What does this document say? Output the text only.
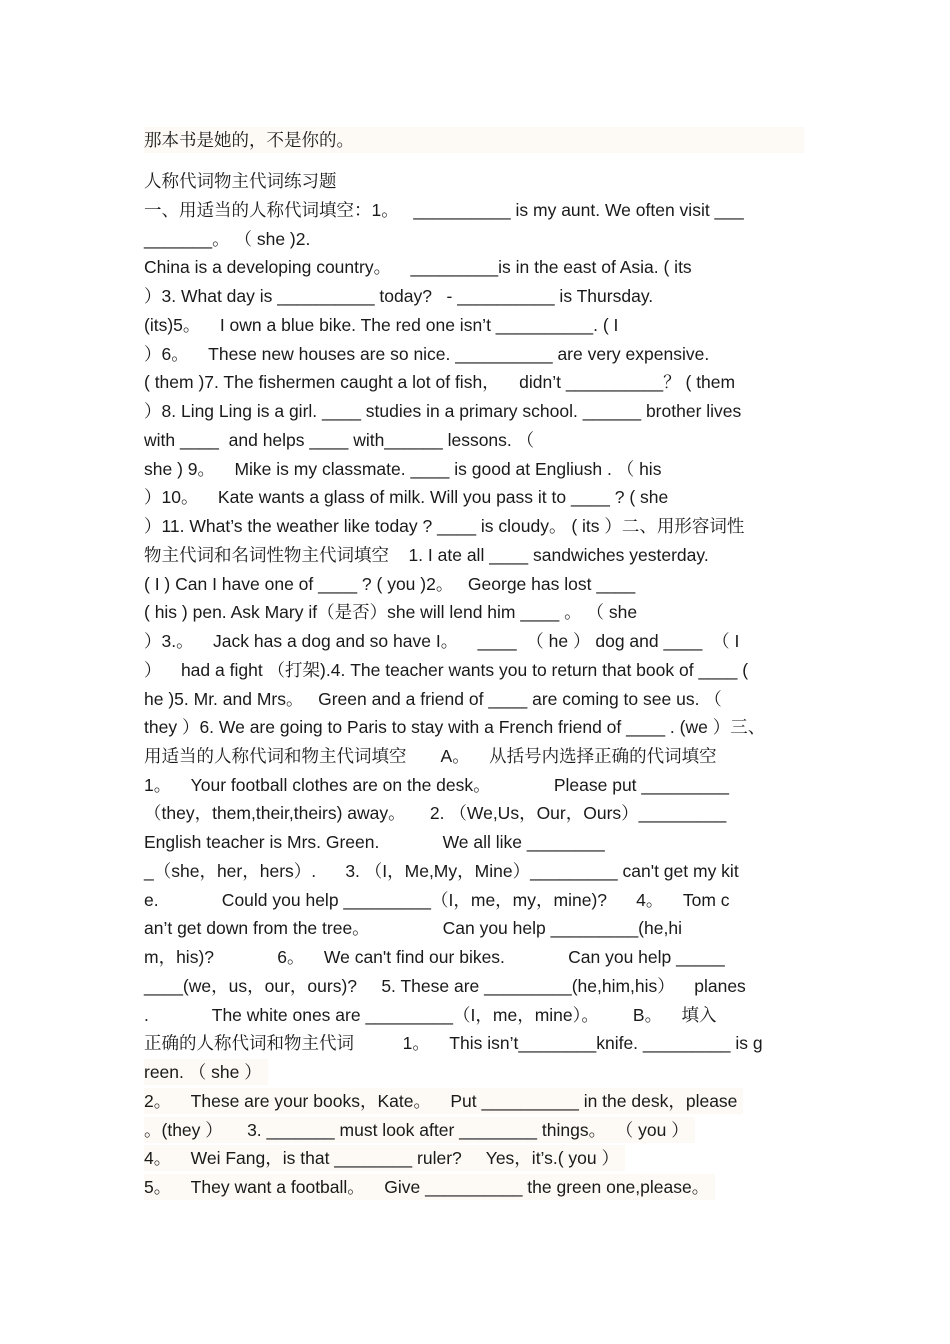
那本书是她的，不是你的。
人称代词物主代词练习题
一、用适当的人称代词填空：1。   __________ is my aunt. We often visit ___
_______。 （ she )2.
China is a developing country。    _________is in the east of Asia. ( its
）3. What day is __________ today?   - __________ is Thursday.
(its)5。    I own a blue bike. The red one isn’t __________. ( I
）6。    These new houses are so nice. __________ are very expensive.
( them )7. The fishermen caught a lot of fish，    didn’t __________？ ( them
）8. Ling Ling is a girl. ____ studies in a primary school. ______ brother lives
with ____  and helps ____ with______ lessons. （
she ) 9。    Mike is my classmate. ____ is good at Engliush . （ his
）10。    Kate wants a glass of milk. Will you pass it to ____ ? ( she
）11. What’s the weather like today ? ____ is cloudy。 ( its ）二、用形容词性
物主代词和名词性物主代词填空    1. I ate all ____ sandwiches yesterday.
( I ) Can I have one of ____ ? ( you )2。   George has lost ____
( his ) pen. Ask Mary if（是否）she will lend him ____ 。 （ she
）3.。    Jack has a dog and so have I。    ____  （ he ） dog and ____  （ I
）    had a fight （打架).4. The teacher wants you to return that book of ____ (
he )5. Mr. and Mrs。   Green and a friend of ____ are coming to see us. （
they ）6. We are going to Paris to stay with a French friend of ____ . (we ）三、
用适当的人称代词和物主代词填空       A。    从括号内选择正确的代词填空
1。    Your football clothes are on the desk。             Please put _________
（they，them,their,theirs) away。     2. （We,Us，Our，Ours）_________
English teacher is Mrs. Green.             We all like ________
_（she，her，hers）.      3. （I，Me,My，Mine）_________ can't get my kit
e.             Could you help _________（I，me，my，mine)?      4。    Tom c
an’t get down from the tree。               Can you help _________(he,hi
m，his)?             6。    We can't find our bikes.             Can you help _____
____(we，us，our，ours)?     5. These are _________(he,him,his）    planes
.             The white ones are _________（I，me，mine）。       B。    填入
正确的人称代词和物主代词          1。    This isn’t________knife. _________ is g
reen. （ she ）
2。    These are your books，Kate。    Put __________ in the desk，please
。(they ）     3. _______ must look after ________ things。  （ you ）
4。    Wei Fang，is that ________ ruler?     Yes，it’s.( you ）
5。    They want a football。    Give __________ the green one,please。
